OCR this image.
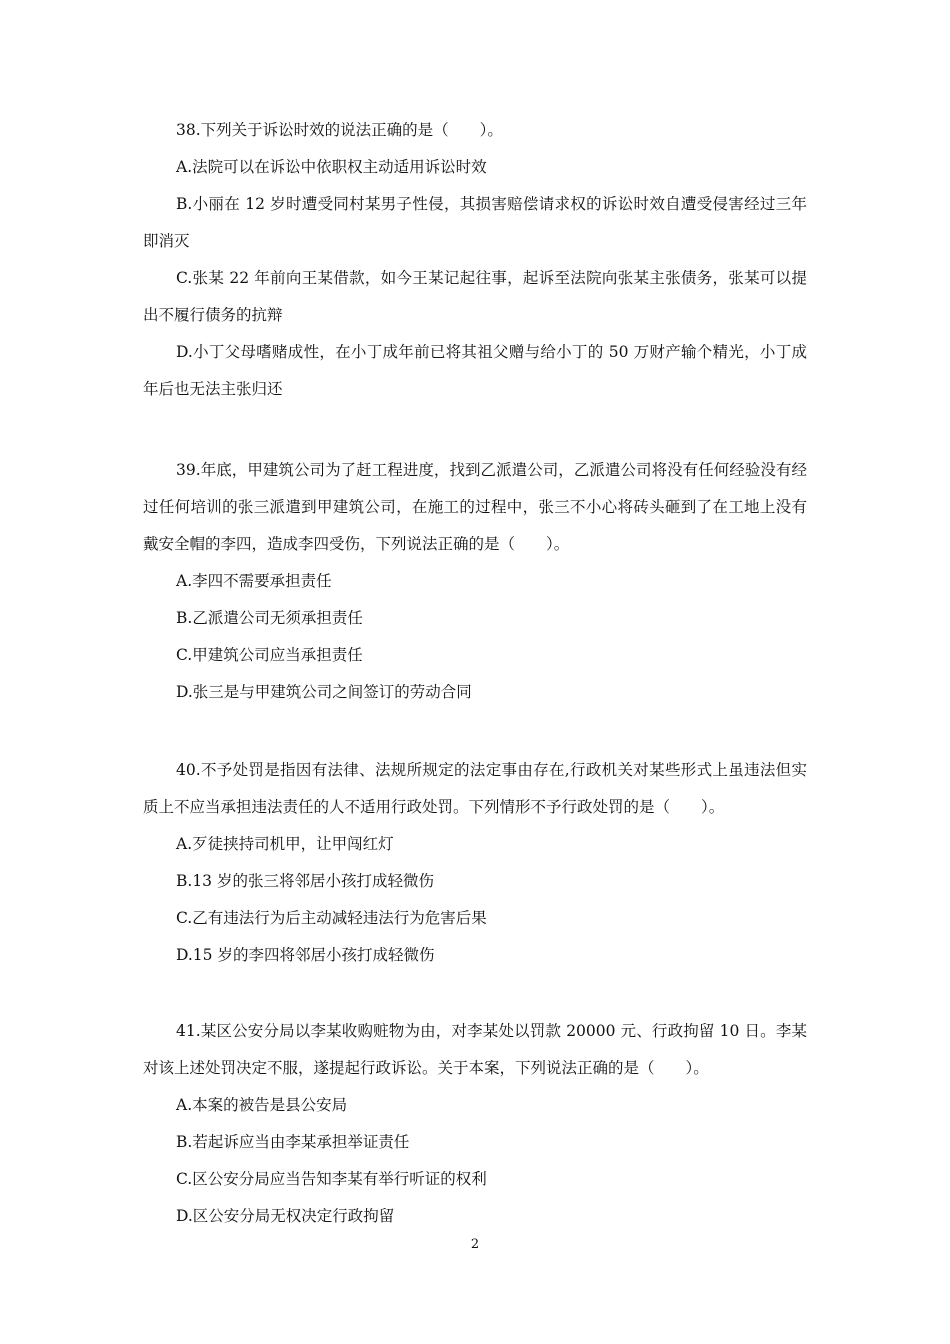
38.下列关于诉讼时效的说法正确的是（　　）。

A.法院可以在诉讼中依职权主动适用诉讼时效

B.小丽在 12 岁时遭受同村某男子性侵，其损害赔偿请求权的诉讼时效自遭受侵害经过三年即消灭

C.张某 22 年前向王某借款，如今王某记起往事，起诉至法院向张某主张债务，张某可以提出不履行债务的抗辩

D.小丁父母嗜赌成性，在小丁成年前已将其祖父赠与给小丁的 50 万财产输个精光，小丁成年后也无法主张归还

39.年底，甲建筑公司为了赶工程进度，找到乙派遣公司，乙派遣公司将没有任何经验没有经过任何培训的张三派遣到甲建筑公司，在施工的过程中，张三不小心将砖头砸到了在工地上没有戴安全帽的李四，造成李四受伤，下列说法正确的是（　　）。

A.李四不需要承担责任

B.乙派遣公司无须承担责任

C.甲建筑公司应当承担责任

D.张三是与甲建筑公司之间签订的劳动合同

40.不予处罚是指因有法律、法规所规定的法定事由存在,行政机关对某些形式上虽违法但实质上不应当承担违法责任的人不适用行政处罚。下列情形不予行政处罚的是（　　）。

A.歹徒挟持司机甲，让甲闯红灯

B.13 岁的张三将邻居小孩打成轻微伤

C.乙有违法行为后主动减轻违法行为危害后果

D.15 岁的李四将邻居小孩打成轻微伤

41.某区公安分局以李某收购赃物为由，对李某处以罚款 20000 元、行政拘留 10 日。李某对该上述处罚决定不服，遂提起行政诉讼。关于本案，下列说法正确的是（　　）。

A.本案的被告是县公安局

B.若起诉应当由李某承担举证责任

C.区公安分局应当告知李某有举行听证的权利

D.区公安分局无权决定行政拘留

2
